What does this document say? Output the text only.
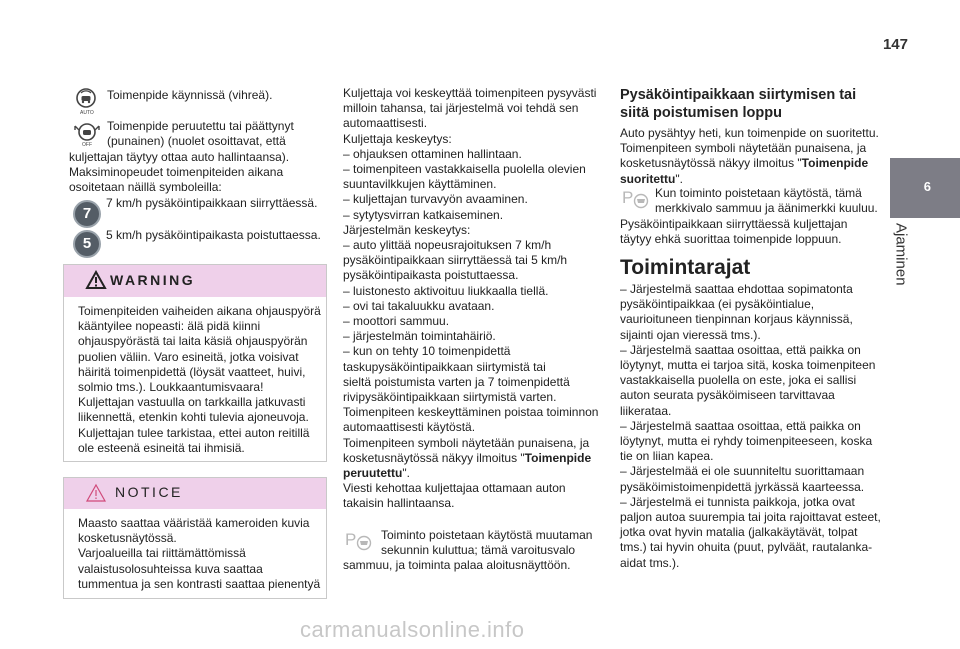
147
6
Ajaminen
AUTO
Toimenpide käynnissä (vihreä).
OFF
Toimenpide peruutettu tai päättynyt
(punainen) (nuolet osoittavat, että
kuljettajan täytyy ottaa auto hallintaansa).
Maksiminopeudet toimenpiteiden aikana
osoitetaan näillä symboleilla:
7
7 km/h pysäköintipaikkaan siirryttäessä.
5	5 km/h pysäköintipaikasta poistuttaessa.
WARNING
Toimenpiteiden vaiheiden aikana ohjauspyörä
kääntyilee nopeasti: älä pidä kiinni
ohjauspyörästä tai laita käsiä ohjauspyörän
puolien väliin. Varo esineitä, jotka voisivat
häiritä toimenpidettä (löysät vaatteet, huivi,
solmio tms.). Loukkaantumisvaara!
Kuljettajan vastuulla on tarkkailla jatkuvasti
liikennettä, etenkin kohti tulevia ajoneuvoja.
Kuljettajan tulee tarkistaa, ettei auton reitillä
ole esteenä esineitä tai ihmisiä.
NOTICE
Maasto saattaa vääristää kameroiden kuvia
kosketusnäytössä.
Varjoalueilla tai riittämättömissä
valaistusolosuhteissa kuva saattaa
tummentua ja sen kontrasti saattaa pienentyä
Kuljettaja voi keskeyttää toimenpiteen pysyvästi
milloin tahansa, tai järjestelmä voi tehdä sen
automaattisesti.
Kuljettaja keskeytys:
– ohjauksen ottaminen hallintaan.
– toimenpiteen vastakkaisella puolella olevien
suuntavilkkujen käyttäminen.
– kuljettajan turvavyön avaaminen.
– sytytysvirran katkaiseminen.
Järjestelmän keskeytys:
– auto ylittää nopeusrajoituksen 7 km/h
pysäköintipaikkaan siirryttäessä tai 5 km/h
pysäköintipaikasta poistuttaessa.
– luistonesto aktivoituu liukkaalla tiellä.
– ovi tai takaluukku avataan.
– moottori sammuu.
– järjestelmän toimintahäiriö.
– kun on tehty 10 toimenpidettä
taskupysäköintipaikkaan siirtymistä tai
sieltä poistumista varten ja 7 toimenpidettä
rivipysäköintipaikkaan siirtymistä varten.
Toimenpiteen keskeyttäminen poistaa toiminnon
automaattisesti käytöstä.
Toimenpiteen symboli näytetään punaisena, ja
kosketusnäytössä näkyy ilmoitus "Toimenpide
peruutettu".
Viesti kehottaa kuljettajaa ottamaan auton
takaisin hallintaansa.
P Toiminto poistetaan käytöstä muutaman
sekunnin kuluttua; tämä varoitusvalo
sammuu, ja toiminta palaa aloitusnäyttöön.
Pysäköintipaikkaan siirtymisen tai
siitä poistumisen loppu
Auto pysähtyy heti, kun toimenpide on suoritettu.
Toimenpiteen symboli näytetään punaisena, ja
kosketusnäytössä näkyy ilmoitus "Toimenpide
suoritettu".
P Kun toiminto poistetaan käytöstä, tämä
merkkivalo sammuu ja äänimerkki kuuluu.
Pysäköintipaikkaan siirryttäessä kuljettajan
täytyy ehkä suorittaa toimenpide loppuun.
Toimintarajat
– Järjestelmä saattaa ehdottaa sopimatonta
pysäköintipaikkaa (ei pysäköintialue,
vaurioituneen tienpinnan korjaus käynnissä,
sijainti ojan vieressä tms.).
– Järjestelmä saattaa osoittaa, että paikka on
löytynyt, mutta ei tarjoa sitä, koska toimenpiteen
vastakkaisella puolella on este, joka ei sallisi
auton seurata pysäköimiseen tarvittavaa
liikerataa.
– Järjestelmä saattaa osoittaa, että paikka on
löytynyt, mutta ei ryhdy toimenpiteeseen, koska
tie on liian kapea.
– Järjestelmää ei ole suunniteltu suorittamaan
pysäköimistoimenpidettä jyrkässä kaarteessa.
– Järjestelmä ei tunnista paikkoja, jotka ovat
paljon autoa suurempia tai joita rajoittavat esteet,
jotka ovat hyvin matalia (jalkakäytävät, tolpat
tms.) tai hyvin ohuita (puut, pylväät, rautalanka-
aidat tms.).
carmanualsonline.info
